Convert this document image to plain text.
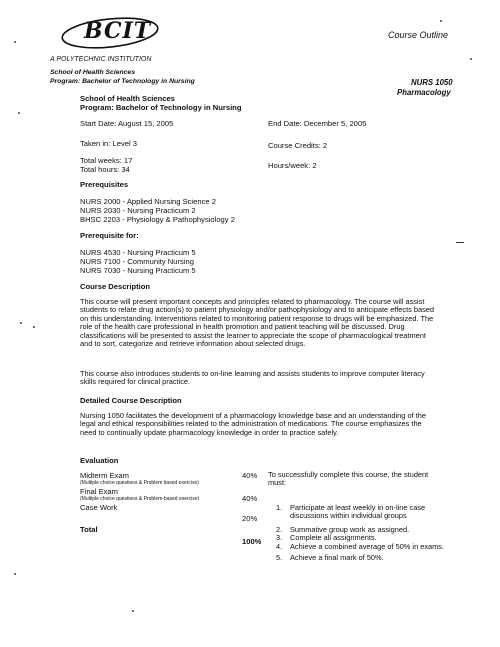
BCIT
A POLYTECHNIC INSTITUTION
School of Health Sciences
Program: Bachelor of Technology in Nursing
Course Outline
NURS 1050
Pharmacology
School of Health Sciences
Program: Bachelor of Technology in Nursing
Start Date: August 15, 2005	End Date: December 5, 2005
Taken in: Level 3	Course Credits: 2
Total weeks: 17
Total hours: 34	Hours/week: 2
Prerequisites
NURS 2000 - Applied Nursing Science 2
NURS 2030 - Nursing Practicum 2
BHSC 2203 - Physiology & Pathophysiology 2
Prerequisite for:
NURS 4530 - Nursing Practicum 5
NURS 7100 - Community Nursing
NURS 7030 - Nursing Practicum 5
Course Description
This course will present important concepts and principles related to pharmacology. The course will assist students to relate drug action(s) to patient physiology and/or pathophysiology and to anticipate effects based on this understanding. Interventions related to monitoring patient response to drugs will be emphasized. The role of the health care professional in health promotion and patient teaching will be discussed. Drug classifications will be presented to assist the learner to appreciate the scope of pharmacological treatment and to sort, categorize and retrieve information about selected drugs.
This course also introduces students to on-line learning and assists students to improve computer literacy skills required for clinical practice.
Detailed Course Description
Nursing 1050 facilitates the development of a pharmacology knowledge base and an understanding of the legal and ethical responsibilities related to the administration of medications. The course emphasizes the need to continually update pharmacology knowledge in order to practice safely.
Evaluation
Midterm Exam
(Multiple choice questions & Problem based exercise)
40%
Final Exam
(Multiple choice questions & Problem-based exercise)	40%
Case Work
20%
Total
100%
To successfully complete this course, the student must:
1. Participate at least weekly in on-line case discussions within individual groups
2. Summative group work as assigned.
3. Complete all assignments.
4. Achieve a combined average of 50% in exams.
5. Achieve a final mark of 50%.
